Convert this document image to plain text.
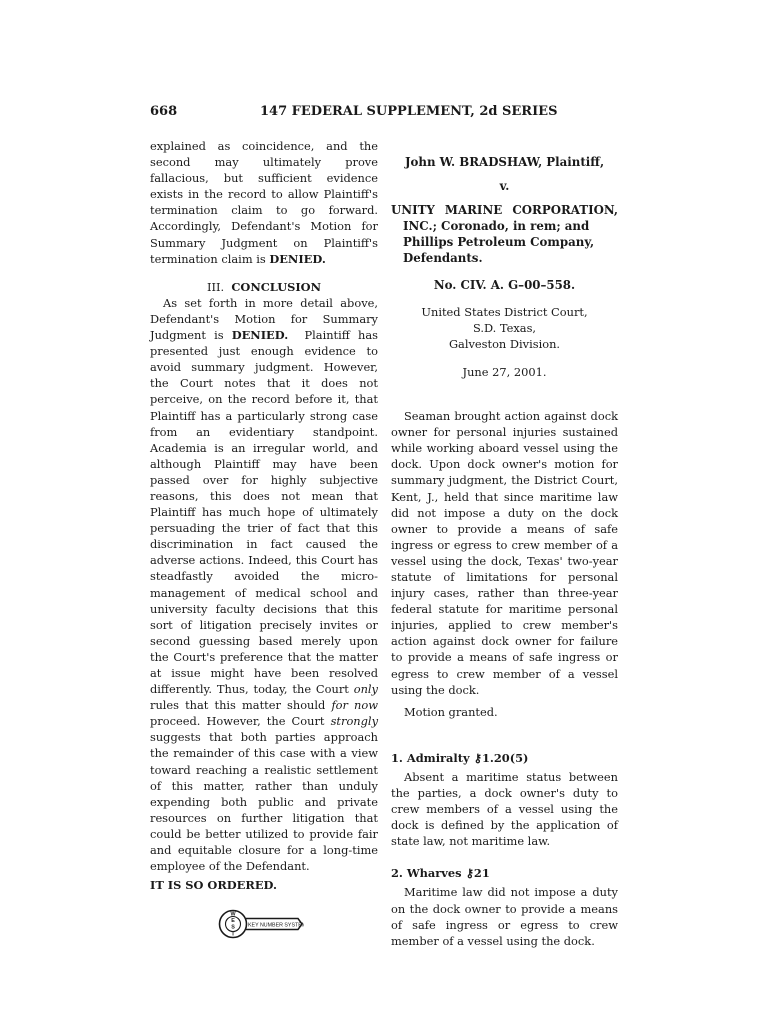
668	147 FEDERAL SUPPLEMENT, 2d SERIES

explained as coincidence, and the second may ultimately prove fallacious, but sufficient evidence exists in the record to allow Plaintiff's termination claim to go forward. Accordingly, Defendant's Motion for Summary Judgment on Plaintiff's termination claim is DENIED.

III. CONCLUSION

As set forth in more detail above, Defendant's Motion for Summary Judgment is DENIED. Plaintiff has presented just enough evidence to avoid summary judgment. However, the Court notes that it does not perceive, on the record before it, that Plaintiff has a particularly strong case from an evidentiary standpoint. Academia is an irregular world, and although Plaintiff may have been passed over for highly subjective reasons, this does not mean that Plaintiff has much hope of ultimately persuading the trier of fact that this discrimination in fact caused the adverse actions. Indeed, this Court has steadfastly avoided the micro-management of medical school and university faculty decisions that this sort of litigation precisely invites or second guessing based merely upon the Court's preference that the matter at issue might have been resolved differently. Thus, today, the Court only rules that this matter should for now proceed. However, the Court strongly suggests that both parties approach the remainder of this case with a view toward reaching a realistic settlement of this matter, rather than unduly expending both public and private resources on further litigation that could be better utilized to provide fair and equitable closure for a long-time employee of the Defendant.

IT IS SO ORDERED.

W
E
S
T
KEY NUMBER SYSTEM

John W. BRADSHAW, Plaintiff,

v.

UNITY MARINE CORPORATION,

INC.; Coronado, in rem; and Phillips Petroleum Company, Defendants.

No. CIV. A. G–00–558.

United States District Court,

S.D. Texas,

Galveston Division.

June 27, 2001.

Seaman brought action against dock owner for personal injuries sustained while working aboard vessel using the dock. Upon dock owner's motion for summary judgment, the District Court, Kent, J., held that since maritime law did not impose a duty on the dock owner to provide a means of safe ingress or egress to crew member of a vessel using the dock, Texas' two-year statute of limitations for personal injury cases, rather than three-year federal statute for maritime personal injuries, applied to crew member's action against dock owner for failure to provide a means of safe ingress or egress to crew member of a vessel using the dock.

Motion granted.

1. Admiralty ⚷1.20(5)

Absent a maritime status between the parties, a dock owner's duty to crew members of a vessel using the dock is defined by the application of state law, not maritime law.

2. Wharves ⚷21

Maritime law did not impose a duty on the dock owner to provide a means of safe ingress or egress to crew member of a vessel using the dock.
